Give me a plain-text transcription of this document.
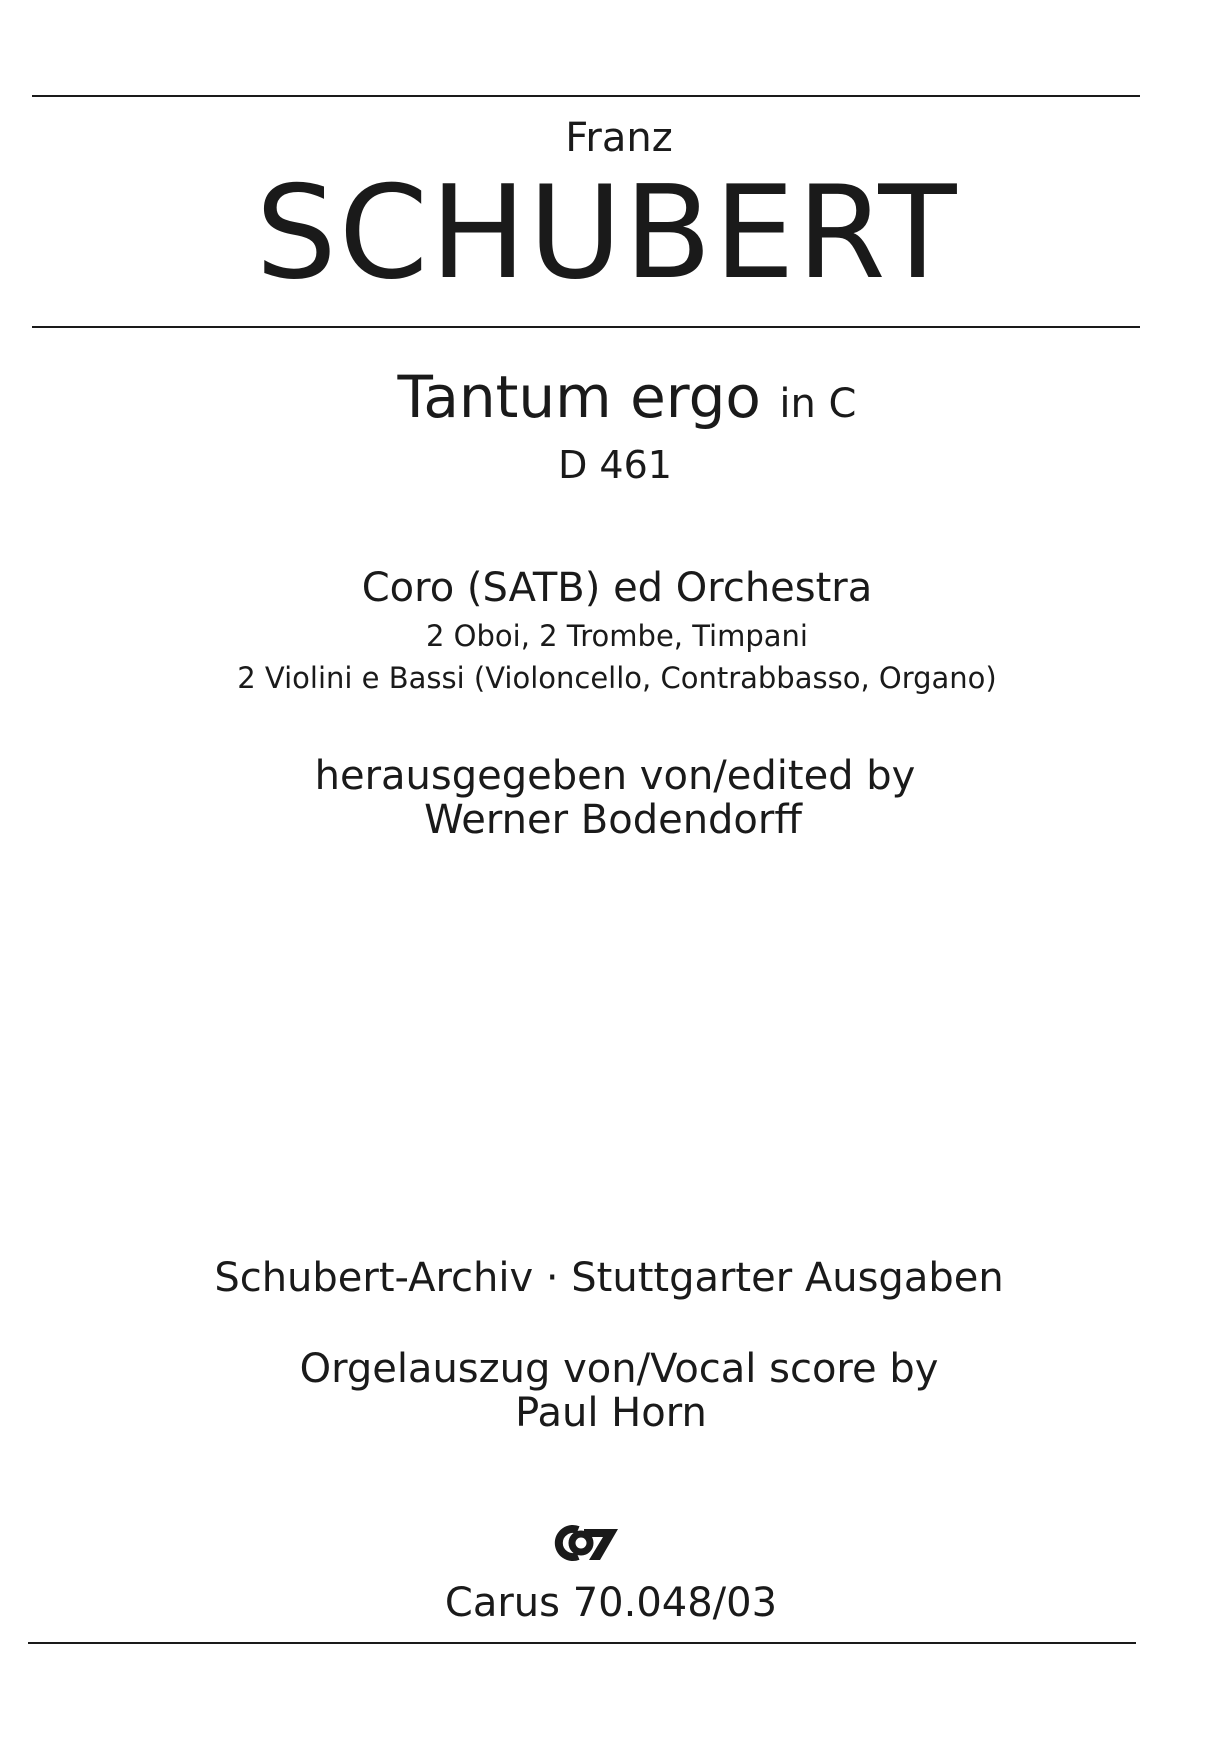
Franz
SCHUBERT
Tantum ergo in C
D 461
Coro (SATB) ed Orchestra
2 Oboi, 2 Trombe, Timpani
2 Violini e Bassi (Violoncello, Contrabbasso, Organo)
herausgegeben von/edited by
Werner Bodendorff
Schubert-Archiv · Stuttgarter Ausgaben
Orgelauszug von/Vocal score by
Paul Horn
Carus 70.048/03
